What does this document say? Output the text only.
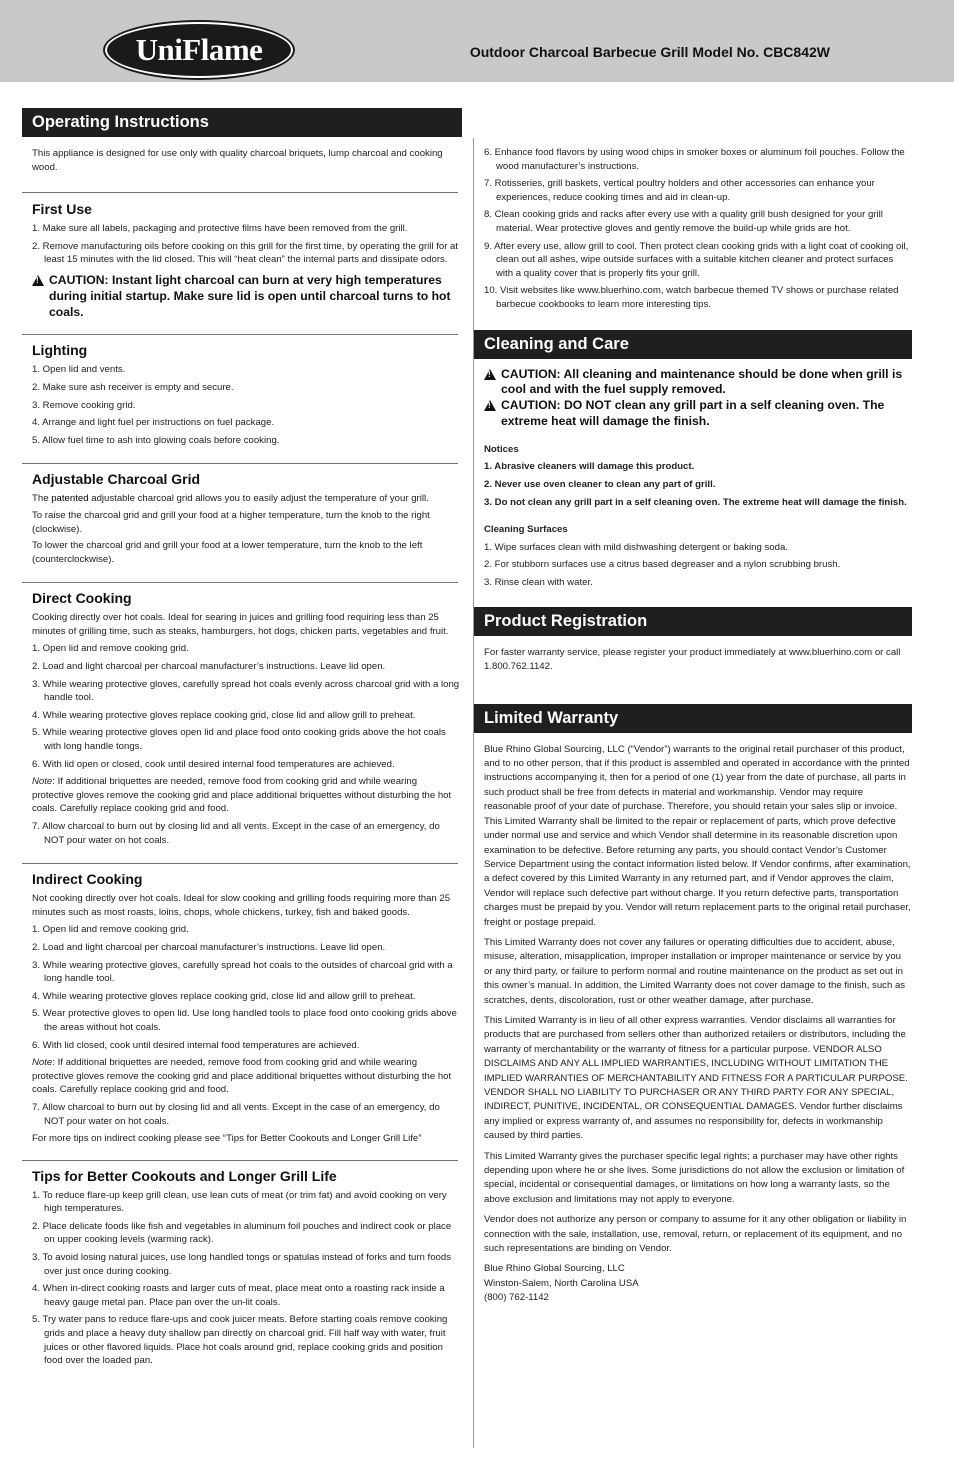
UniFlame	Outdoor Charcoal Barbecue Grill Model No. CBC842W
Operating Instructions
This appliance is designed for use only with quality charcoal briquets, lump charcoal and cooking wood.
First Use
1. Make sure all labels, packaging and protective films have been removed from the grill.
2. Remove manufacturing oils before cooking on this grill for the first time, by operating the grill for at least 15 minutes with the lid closed. This will “heat clean” the internal parts and dissipate odors.
!
CAUTION: Instant light charcoal can burn at very high temperatures during initial startup. Make sure lid is open until charcoal turns to hot coals.
Lighting
1. Open lid and vents.
2. Make sure ash receiver is empty and secure.
3. Remove cooking grid.
4. Arrange and light fuel per instructions on fuel package.
5. Allow fuel time to ash into glowing coals before cooking.
Adjustable Charcoal Grid
The patented adjustable charcoal grid allows you to easily adjust the temperature of your grill.
To raise the charcoal grid and grill your food at a higher temperature, turn the knob to the right (clockwise).
To lower the charcoal grid and grill your food at a lower temperature, turn the knob to the left (counterclockwise).
Direct Cooking
Cooking directly over hot coals. Ideal for searing in juices and grilling food requiring less than 25 minutes of grilling time, such as steaks, hamburgers, hot dogs, chicken parts, vegetables and fruit.
1. Open lid and remove cooking grid.
2. Load and light charcoal per charcoal manufacturer’s instructions. Leave lid open.
3. While wearing protective gloves, carefully spread hot coals evenly across charcoal grid with a long handle tool.
4. While wearing protective gloves replace cooking grid, close lid and allow grill to preheat.
5. While wearing protective gloves open lid and place food onto cooking grids above the hot coals with long handle tongs.
6. With lid open or closed, cook until desired internal food temperatures are achieved.
Note: If additional briquettes are needed, remove food from cooking grid and while wearing protective gloves remove the cooking grid and place additional briquettes without disturbing the hot coals. Carefully replace cooking grid and food.
7. Allow charcoal to burn out by closing lid and all vents. Except in the case of an emergency, do NOT pour water on hot coals.
Indirect Cooking
Not cooking directly over hot coals. Ideal for slow cooking and grilling foods requiring more than 25 minutes such as most roasts, loins, chops, whole chickens, turkey, fish and baked goods.
1. Open lid and remove cooking grid.
2. Load and light charcoal per charcoal manufacturer’s instructions. Leave lid open.
3. While wearing protective gloves, carefully spread hot coals to the outsides of charcoal grid with a long handle tool.
4. While wearing protective gloves replace cooking grid, close lid and allow grill to preheat.
5. Wear protective gloves to open lid. Use long handled tools to place food onto cooking grids above the areas without hot coals.
6. With lid closed, cook until desired internal food temperatures are achieved.
Note: If additional briquettes are needed, remove food from cooking grid and while wearing protective gloves remove the cooking grid and place additional briquettes without disturbing the hot coals. Carefully replace cooking grid and food.
7. Allow charcoal to burn out by closing lid and all vents. Except in the case of an emergency, do NOT pour water on hot coals.
For more tips on indirect cooking please see “Tips for Better Cookouts and Longer Grill Life”
Tips for Better Cookouts and Longer Grill Life
1. To reduce flare-up keep grill clean, use lean cuts of meat (or trim fat) and avoid cooking on very high temperatures.
2. Place delicate foods like fish and vegetables in aluminum foil pouches and indirect cook or place on upper cooking levels (warming rack).
3. To avoid losing natural juices, use long handled tongs or spatulas instead of forks and turn foods over just once during cooking.
4. When in-direct cooking roasts and larger cuts of meat, place meat onto a roasting rack inside a heavy gauge metal pan. Place pan over the un-lit coals.
5. Try water pans to reduce flare-ups and cook juicer meats. Before starting coals remove cooking grids and place a heavy duty shallow pan directly on charcoal grid. Fill half way with water, fruit juices or other flavored liquids. Place hot coals around grid, replace cooking grids and position food over the loaded pan.
6. Enhance food flavors by using wood chips in smoker boxes or aluminum foil pouches. Follow the wood manufacturer’s instructions.
7. Rotisseries, grill baskets, vertical poultry holders and other accessories can enhance your experiences, reduce cooking times and aid in clean-up.
8. Clean cooking grids and racks after every use with a quality grill bush designed for your grill material. Wear protective gloves and gently remove the build-up while grids are hot.
9. After every use, allow grill to cool. Then protect clean cooking grids with a light coat of cooking oil, clean out all ashes, wipe outside surfaces with a suitable kitchen cleaner and protect surfaces with a quality cover that is properly fits your grill.
10. Visit websites like www.bluerhino.com, watch barbecue themed TV shows or purchase related barbecue cookbooks to learn more interesting tips.
Cleaning and Care
!
CAUTION: All cleaning and maintenance should be done when grill is cool and with the fuel supply removed.
!
CAUTION: DO NOT clean any grill part in a self cleaning oven. The extreme heat will damage the finish.
Notices
1. Abrasive cleaners will damage this product.
2. Never use oven cleaner to clean any part of grill.
3. Do not clean any grill part in a self cleaning oven. The extreme heat will damage the finish.
Cleaning Surfaces
1. Wipe surfaces clean with mild dishwashing detergent or baking soda.
2. For stubborn surfaces use a citrus based degreaser and a nylon scrubbing brush.
3. Rinse clean with water.
Product Registration
For faster warranty service, please register your product immediately at www.bluerhino.com or call 1.800.762.1142.
Limited Warranty
Blue Rhino Global Sourcing, LLC (“Vendor”) warrants to the original retail purchaser of this product, and to no other person, that if this product is assembled and operated in accordance with the printed instructions accompanying it, then for a period of one (1) year from the date of purchase, all parts in such product shall be free from defects in material and workmanship. Vendor may require reasonable proof of your date of purchase. Therefore, you should retain your sales slip or invoice. This Limited Warranty shall be limited to the repair or replacement of parts, which prove defective under normal use and service and which Vendor shall determine in its reasonable discretion upon examination to be defective. Before returning any parts, you should contact Vendor’s Customer Service Department using the contact information listed below. If Vendor confirms, after examination, a defect covered by this Limited Warranty in any returned part, and if Vendor approves the claim, Vendor will replace such defective part without charge. If you return defective parts, transportation charges must be prepaid by you. Vendor will return replacement parts to the original retail purchaser, freight or postage prepaid.
This Limited Warranty does not cover any failures or operating difficulties due to accident, abuse, misuse, alteration, misapplication, improper installation or improper maintenance or service by you or any third party, or failure to perform normal and routine maintenance on the product as set out in this owner’s manual. In addition, the Limited Warranty does not cover damage to the finish, such as scratches, dents, discoloration, rust or other weather damage, after purchase.
This Limited Warranty is in lieu of all other express warranties. Vendor disclaims all warranties for products that are purchased from sellers other than authorized retailers or distributors, including the warranty of merchantability or the warranty of fitness for a particular purpose. VENDOR ALSO DISCLAIMS AND ANY ALL IMPLIED WARRANTIES, INCLUDING WITHOUT LIMITATION THE IMPLIED WARRANTIES OF MERCHANTABILITY AND FITNESS FOR A PARTICULAR PURPOSE. VENDOR SHALL NO LIABILITY TO PURCHASER OR ANY THIRD PARTY FOR ANY SPECIAL, INDIRECT, PUNITIVE, INCIDENTAL, OR CONSEQUENTIAL DAMAGES. Vendor further disclaims any implied or express warranty of, and assumes no responsibility for, defects in workmanship caused by third parties.
This Limited Warranty gives the purchaser specific legal rights; a purchaser may have other rights depending upon where he or she lives. Some jurisdictions do not allow the exclusion or limitation of special, incidental or consequential damages, or limitations on how long a warranty lasts, so the above exclusion and limitations may not apply to everyone.
Vendor does not authorize any person or company to assume for it any other obligation or liability in connection with the sale, installation, use, removal, return, or replacement of its equipment, and no such representations are binding on Vendor.
Blue Rhino Global Sourcing, LLC
Winston-Salem, North Carolina USA
(800) 762-1142
